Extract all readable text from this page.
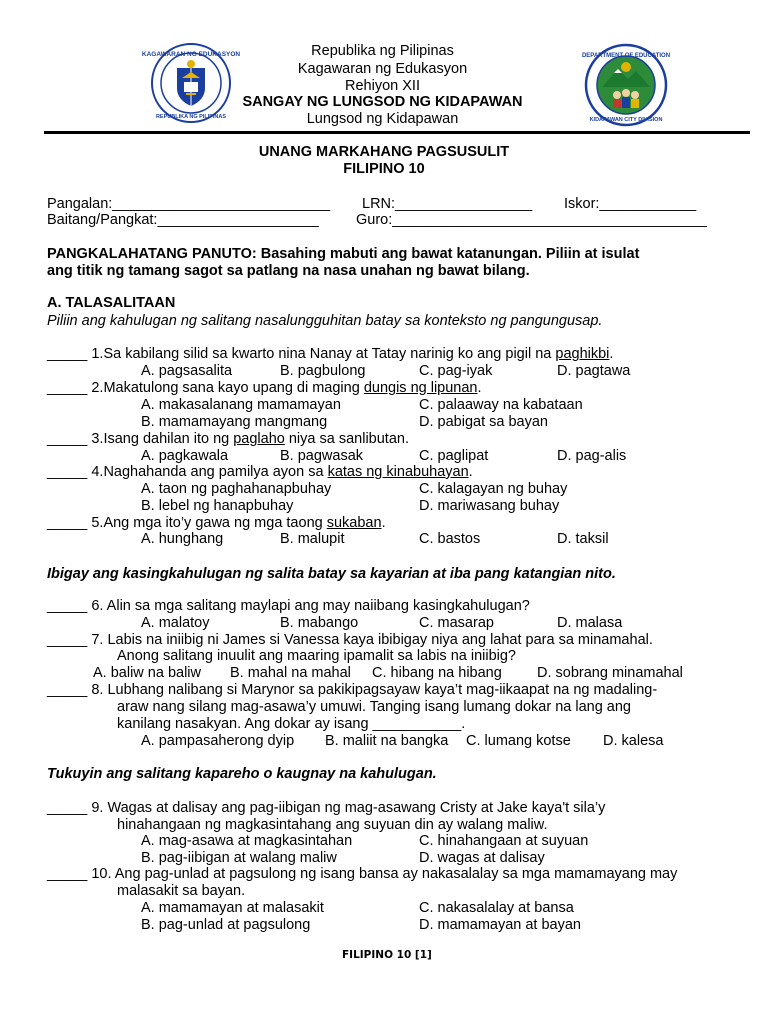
KAGAWARAN NG EDUKASYON
REPUBLIKA NG PILIPINAS
DEPARTMENT OF EDUCATION
KIDAPAWAN CITY DIVISION
Republika ng Pilipinas
Kagawaran ng Edukasyon
Rehiyon XII
SANGAY NG LUNGSOD NG KIDAPAWAN
Lungsod ng Kidapawan
UNANG MARKAHANG PAGSUSULIT
FILIPINO 10
Pangalan:___________________________ LRN:_________________ Iskor:____________
Baitang/Pangkat:____________________	Guro:_______________________________________
PANGKALAHATANG PANUTO: Basahing mabuti ang bawat katanungan. Piliin at isulat
ang titik ng tamang sagot sa patlang na nasa unahan ng bawat bilang.
A. TALASALITAAN
Piliin ang kahulugan ng salitang nasalungguhitan batay sa konteksto ng pangungusap.
_____ 1.Sa kabilang silid sa kwarto nina Nanay at Tatay narinig ko ang pigil na paghikbi.
A. pagsasalita	B. pagbulong	C. pag-iyak	D. pagtawa
_____ 2.Makatulong sana kayo upang di maging dungis ng lipunan.
A. makasalanang mamamayan	C. palaaway na kabataan
B. mamamayang mangmang	D. pabigat sa bayan
_____ 3.Isang dahilan ito ng paglaho niya sa sanlibutan.
A. pagkawala	B. pagwasak	C. paglipat	D. pag-alis
_____ 4.Naghahanda ang pamilya ayon sa katas ng kinabuhayan.
A. taon ng paghahanapbuhay	C. kalagayan ng buhay
B. lebel ng hanapbuhay	D. mariwasang buhay
_____ 5.Ang mga ito’y gawa ng mga taong sukaban.
A. hunghang	B. malupit	C. bastos	D. taksil
Ibigay ang kasingkahulugan ng salita batay sa kayarian at iba pang katangian nito.
_____ 6. Alin sa mga salitang maylapi ang may naiibang kasingkahulugan?
A. malatoy	B. mabango	C. masarap	D. malasa
_____ 7. Labis na iniibig ni James si Vanessa kaya ibibigay niya ang lahat para sa minamahal.
Anong salitang inuulit ang maaring ipamalit sa labis na iniibig?
A. baliw na baliw B. mahal na mahal C. hibang na hibang D. sobrang minamahal
_____ 8. Lubhang nalibang si Marynor sa pakikipagsayaw kaya’t mag-iikaapat na ng madaling-
araw nang silang mag-asawa’y umuwi. Tanging isang lumang dokar na lang ang
kanilang nasakyan. Ang dokar ay isang ___________.
A. pampasaherong dyip B. maliit na bangka C. lumang kotse D. kalesa
Tukuyin ang salitang kapareho o kaugnay na kahulugan.
_____ 9. Wagas at dalisay ang pag-iibigan ng mag-asawang Cristy at Jake kaya't sila’y
hinahangaan ng magkasintahang ang suyuan din ay walang maliw.
A. mag-asawa at magkasintahan	C. hinahangaan at suyuan
B. pag-iibigan at walang maliw	D. wagas at dalisay
_____ 10. Ang pag-unlad at pagsulong ng isang bansa ay nakasalalay sa mga mamamayang may
malasakit sa bayan.
A. mamamayan at malasakit	C. nakasalalay at bansa
B. pag-unlad at pagsulong	D. mamamayan at bayan
FILIPINO 10 [1]
